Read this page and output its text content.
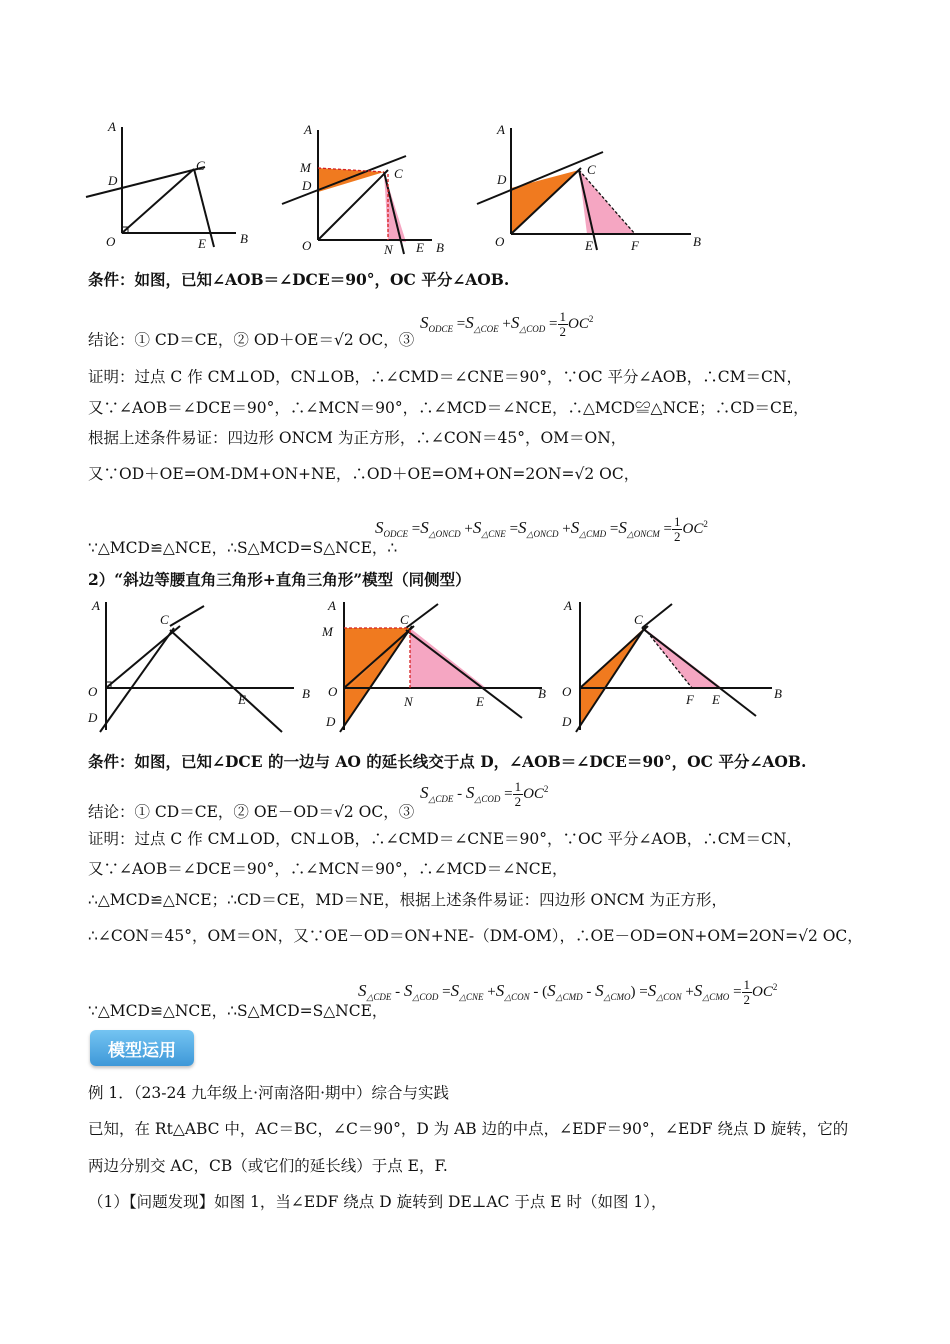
A
C
D
O	E	B
A
M	C
D
O	N E B
A
C
D
O	E	F	B
条件：如图，已知∠AOB＝∠DCE＝90°，OC 平分∠AOB.
结论：① CD＝CE，② OD＋OE＝√2 OC，③
$S_{ODCE} =S_{\triangle COE} +S_{\triangle COD} = \frac{1}{2} OC^2$
证明：过点 C 作 CM⊥OD，CN⊥OB，∴∠CMD＝∠CNE＝90°，∵OC 平分∠AOB，∴CM＝CN，
又∵∠AOB＝∠DCE＝90°，∴∠MCN＝90°，∴∠MCD＝∠NCE，∴△MCD≌△NCE；∴CD＝CE，
根据上述条件易证：四边形 ONCM 为正方形，∴∠CON＝45°，OM＝ON，
又∵OD＋OE=OM-DM+ON+NE，∴OD＋OE=OM+ON=2ON=√2 OC，
∵△MCD≌△NCE，∴S△MCD=S△NCE，∴
$S_{ODCE} =S_{\triangle ONCD} +S_{\triangle CNE} =S_{\triangle ONCD} +S_{\triangle CMD} =S_{\triangle ONCM} = \frac{1}{2} OC^2$
2）“斜边等腰直角三角形+直角三角形”模型（同侧型）
A
C
O
E	B
D
A
M
C
O
N	E
B
D
A
C
O
F E	B
D
条件：如图，已知∠DCE 的一边与 AO 的延长线交于点 D，∠AOB＝∠DCE＝90°，OC 平分∠AOB.
结论：① CD＝CE，② OE－OD＝√2 OC，③
$S_{\triangle CDE} - S_{\triangle COD} = \frac{1}{2} OC^2$
证明：过点 C 作 CM⊥OD，CN⊥OB，∴∠CMD＝∠CNE＝90°，∵OC 平分∠AOB，∴CM＝CN，
又∵∠AOB＝∠DCE＝90°，∴∠MCN＝90°，∴∠MCD＝∠NCE，
∴△MCD≌△NCE；∴CD＝CE，MD＝NE，根据上述条件易证：四边形 ONCM 为正方形，
∴∠CON＝45°，OM＝ON，又∵OE－OD＝ON+NE-（DM-OM），∴OE－OD=ON+OM=2ON=√2 OC，
∵△MCD≌△NCE，∴S△MCD=S△NCE，
$S_{\triangle CDE} - S_{\triangle COD} =S_{\triangle CNE} +S_{\triangle CON} - (S_{\triangle CMD} - S_{\triangle CMO}) =S_{\triangle CON} +S_{\triangle CMO} = \frac{1}{2} OC^2$
模型运用
例 1．（23-24 九年级上·河南洛阳·期中）综合与实践
已知，在 Rt△ABC 中，AC＝BC，∠C＝90°，D 为 AB 边的中点，∠EDF＝90°，∠EDF 绕点 D 旋转，它的
两边分别交 AC，CB（或它们的延长线）于点 E，F.
（1）【问题发现】如图 1，当∠EDF 绕点 D 旋转到 DE⊥AC 于点 E 时（如图 1），
